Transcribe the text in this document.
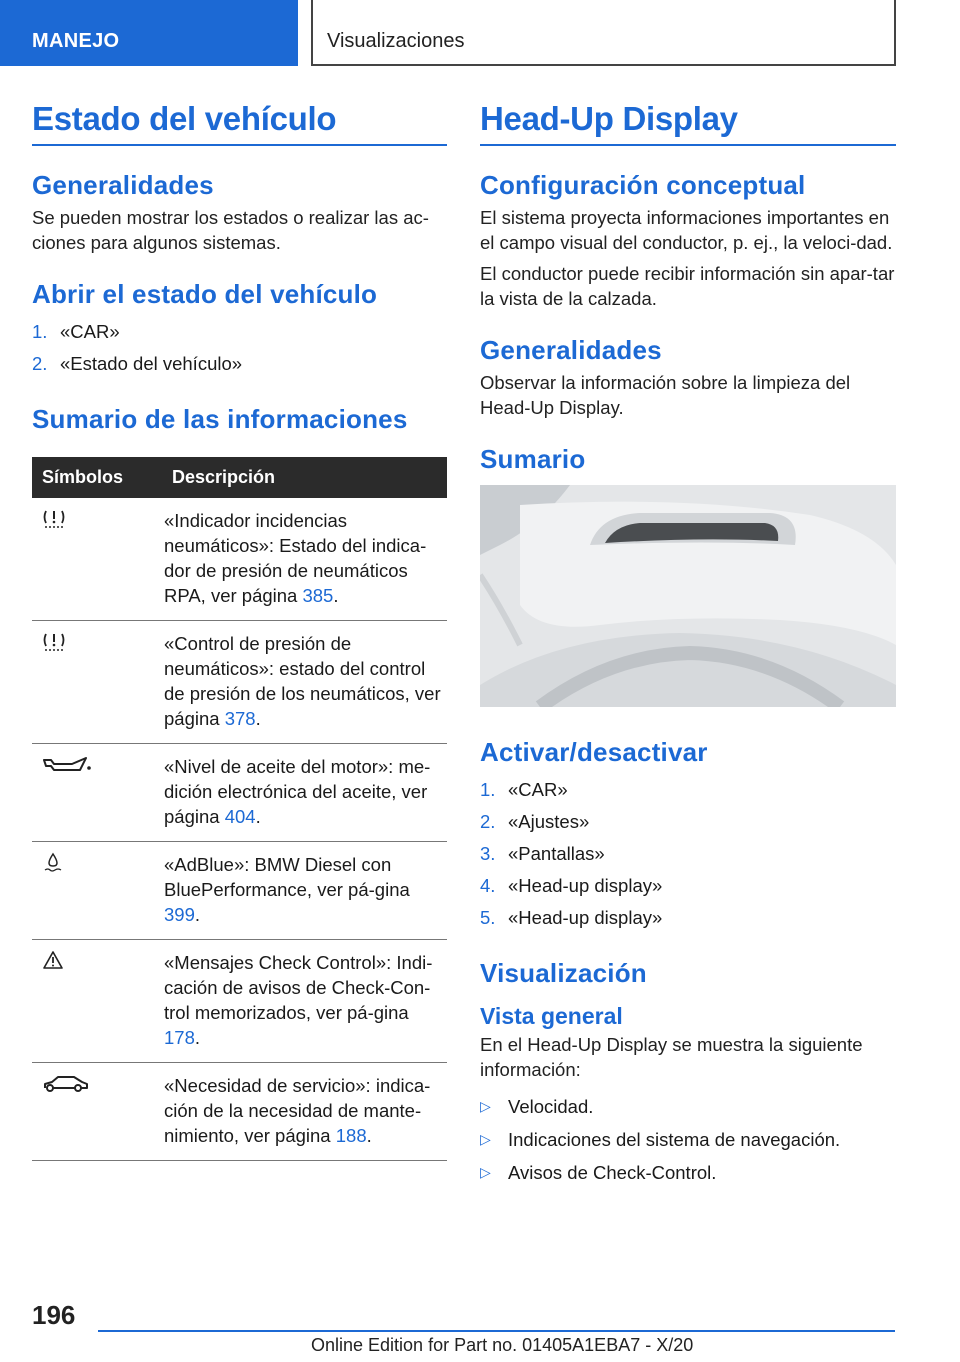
MANEJO	Visualizaciones
Estado del vehículo
Generalidades
Se pueden mostrar los estados o realizar las ac-ciones para algunos sistemas.
Abrir el estado del vehículo
1. «CAR»
2. «Estado del vehículo»
Sumario de las informaciones
Símbolos	Descripción
	«Indicador incidencias neumáticos»: Estado del indica-dor de presión de neumáticos RPA, ver página 385.
	«Control de presión de neumáticos»: estado del control de presión de los neumáticos, ver página 378.
	«Nivel de aceite del motor»: me-dición electrónica del aceite, ver página 404.
	«AdBlue»: BMW Diesel con BluePerformance, ver pá-gina 399.
	«Mensajes Check Control»: Indi-cación de avisos de Check-Con-trol memorizados, ver pá-gina 178.
	«Necesidad de servicio»: indica-ción de la necesidad de mante-nimiento, ver página 188.
Head-Up Display
Configuración conceptual
El sistema proyecta informaciones importantes en el campo visual del conductor, p. ej., la veloci-dad.
El conductor puede recibir información sin apar-tar la vista de la calzada.
Generalidades
Observar la información sobre la limpieza del Head-Up Display.
Sumario
Activar/desactivar
1. «CAR»
2. «Ajustes»
3. «Pantallas»
4. «Head-up display»
5. «Head-up display»
Visualización
Vista general
En el Head-Up Display se muestra la siguiente información:
▷ Velocidad.
▷ Indicaciones del sistema de navegación.
▷ Avisos de Check-Control.
196
Online Edition for Part no. 01405A1EBA7 - X/20
